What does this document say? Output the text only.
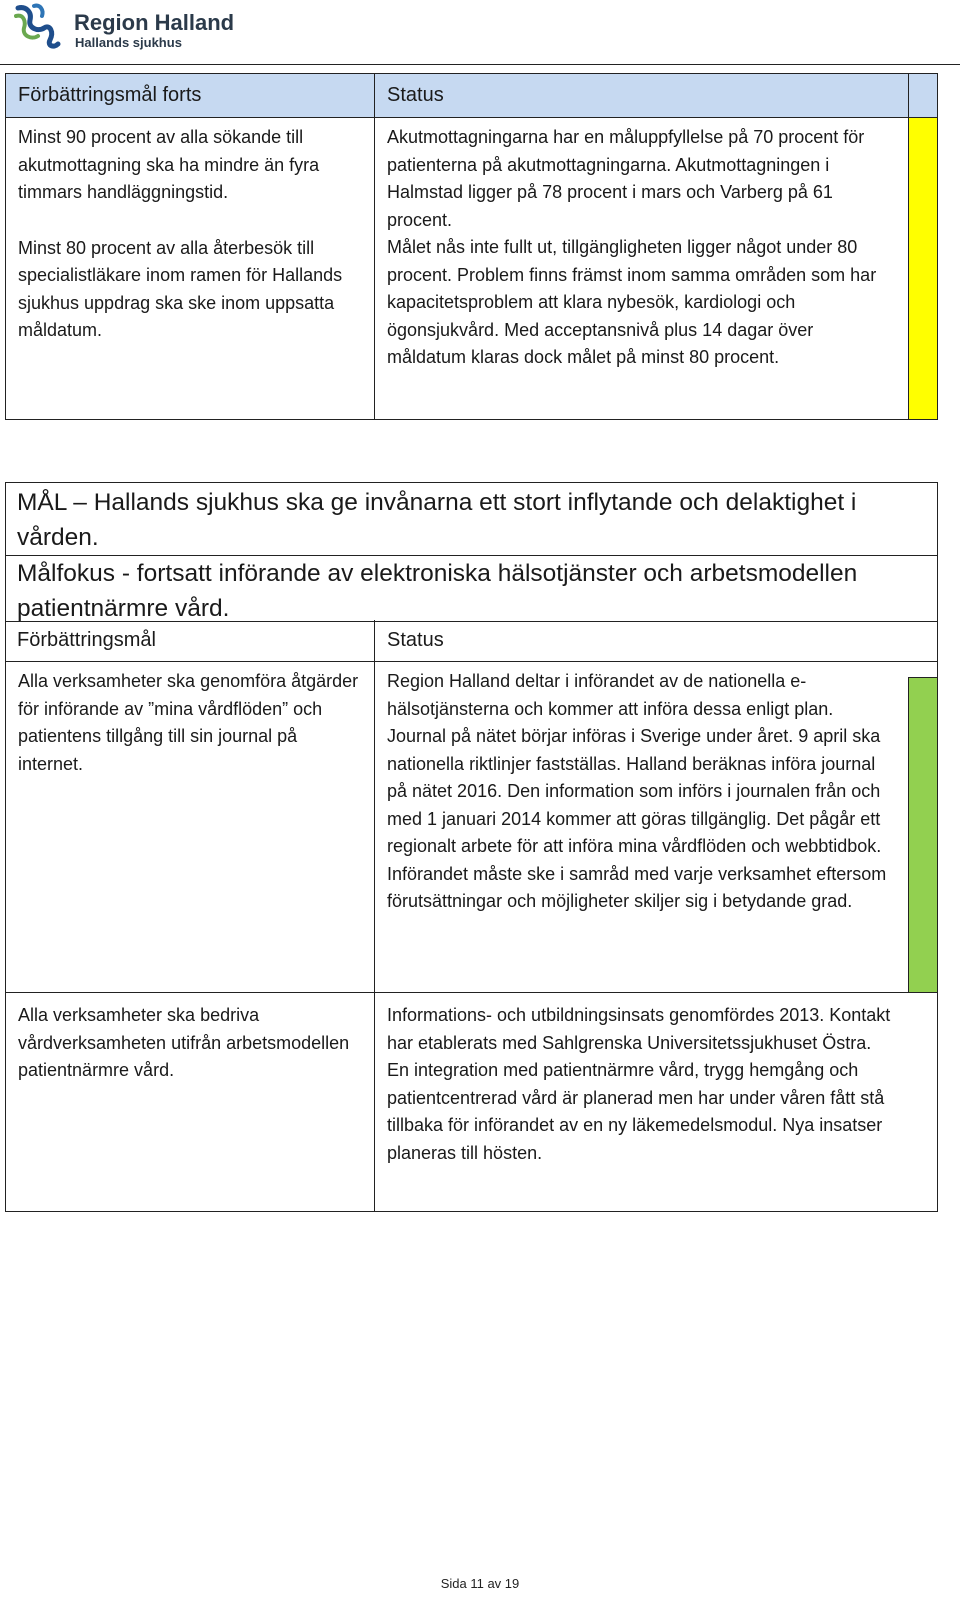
Region Halland
Hallands sjukhus
Förbättringsmål forts	Status

Minst 90 procent av alla sökande till akutmottagning ska ha mindre än fyra timmars handläggningstid.

Minst 80 procent av alla återbesök till specialistläkare inom ramen för Hallands sjukhus uppdrag ska ske inom uppsatta måldatum.

Akutmottagningarna har en måluppfyllelse på 70 procent för patienterna på akutmottagningarna. Akutmottagningen i Halmstad ligger på 78 procent i mars och Varberg på 61 procent.

Målet nås inte fullt ut, tillgängligheten ligger något under 80 procent. Problem finns främst inom samma områden som har kapacitetsproblem att klara nybesök, kardiologi och ögonsjukvård. Med acceptansnivå plus 14 dagar över måldatum klaras dock målet på minst 80 procent.

MÅL – Hallands sjukhus ska ge invånarna ett stort inflytande och delaktighet i vården.
Målfokus - fortsatt införande av elektroniska hälsotjänster och arbetsmodellen patientnärmre vård.
Förbättringsmål	Status

Alla verksamheter ska genomföra åtgärder för införande av ”mina vårdflöden” och patientens tillgång till sin journal på internet.

Region Halland deltar i införandet av de nationella e-hälsotjänsterna och kommer att införa dessa enligt plan. Journal på nätet börjar införas i Sverige under året. 9 april ska nationella riktlinjer fastställas. Halland beräknas införa journal på nätet 2016. Den information som införs i journalen från och med 1 januari 2014 kommer att göras tillgänglig. Det pågår ett regionalt arbete för att införa mina vårdflöden och webbtidbok. Införandet måste ske i samråd med varje verksamhet eftersom förutsättningar och möjligheter skiljer sig i betydande grad.

Alla verksamheter ska bedriva vårdverksamheten utifrån arbetsmodellen patientnärmre vård.

Informations- och utbildningsinsats genomfördes 2013. Kontakt har etablerats med Sahlgrenska Universitetssjukhuset Östra. En integration med patientnärmre vård, trygg hemgång och patientcentrerad vård är planerad men har under våren fått stå tillbaka för införandet av en ny läkemedelsmodul. Nya insatser planeras till hösten.

Sida 11 av 19
